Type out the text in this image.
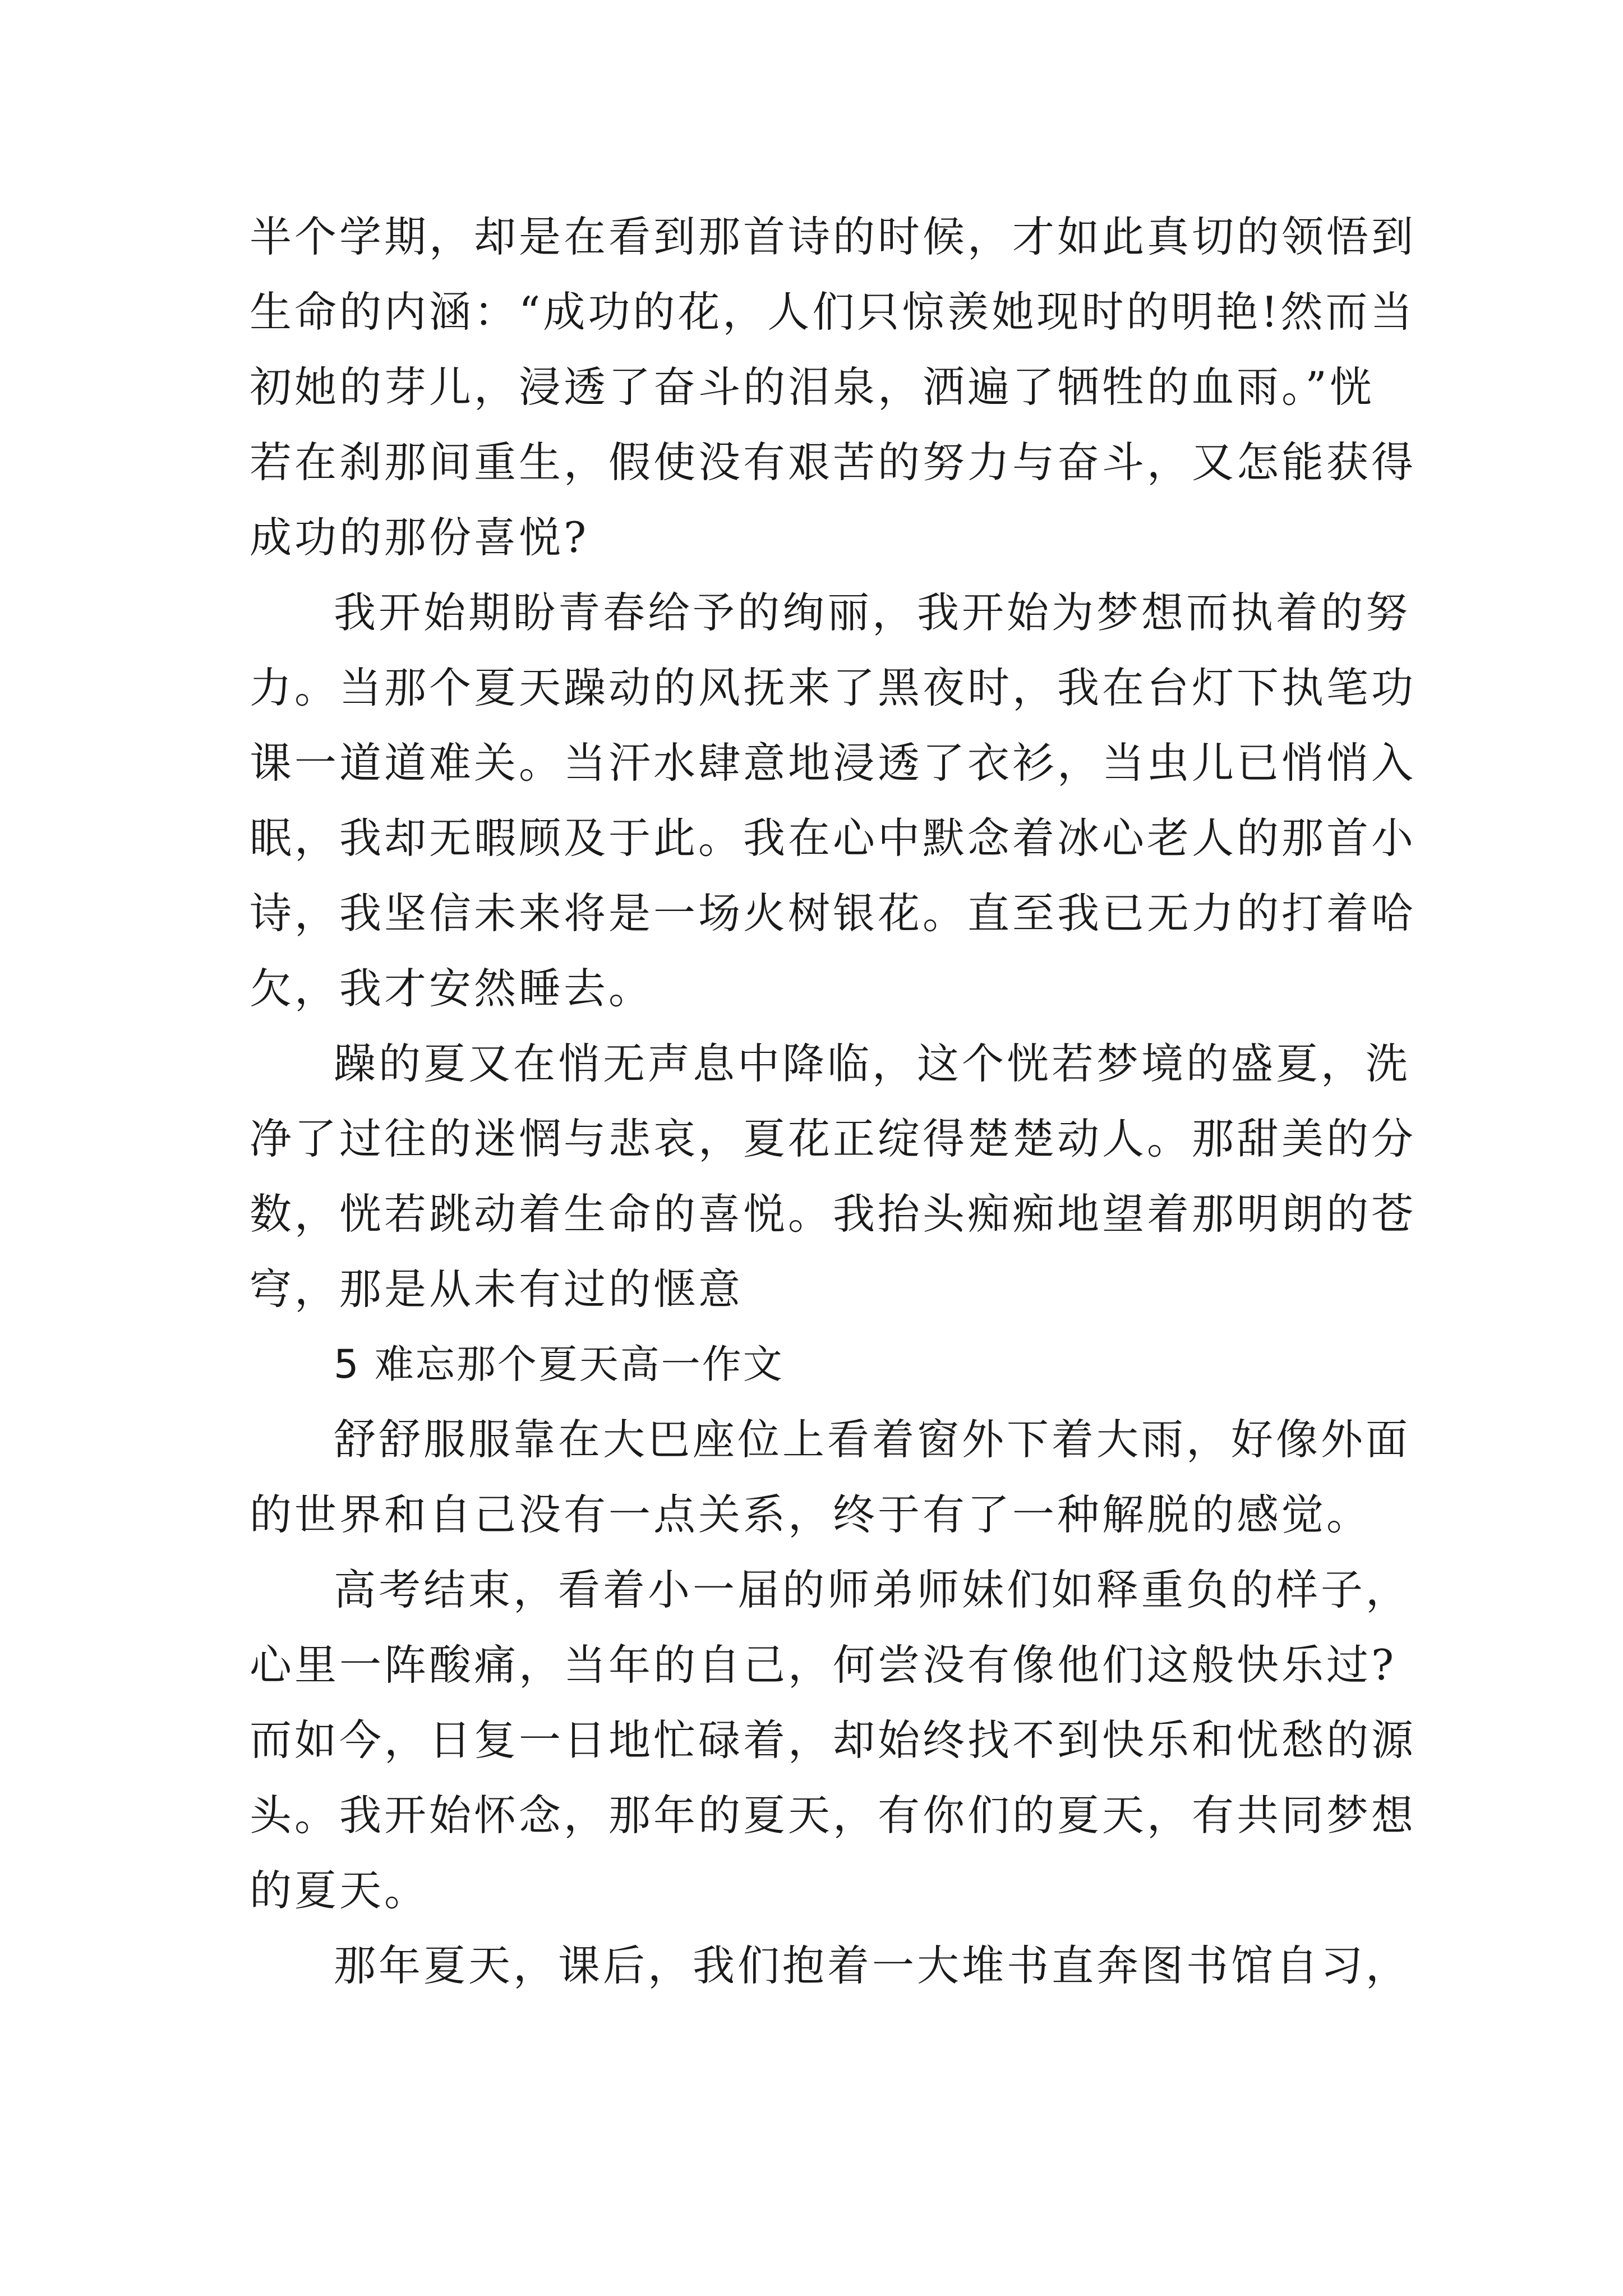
半个学期，却是在看到那首诗的时候，才如此真切的领悟到
生命的内涵：“成功的花，人们只惊羡她现时的明艳!然而当
初她的芽儿，浸透了奋斗的泪泉，洒遍了牺牲的血雨。”恍
若在刹那间重生，假使没有艰苦的努力与奋斗，又怎能获得
成功的那份喜悦?
我开始期盼青春给予的绚丽，我开始为梦想而执着的努
力。当那个夏天躁动的风抚来了黑夜时，我在台灯下执笔功
课一道道难关。当汗水肆意地浸透了衣衫，当虫儿已悄悄入
眠，我却无暇顾及于此。我在心中默念着冰心老人的那首小
诗，我坚信未来将是一场火树银花。直至我已无力的打着哈
欠，我才安然睡去。
躁的夏又在悄无声息中降临，这个恍若梦境的盛夏，洗
净了过往的迷惘与悲哀，夏花正绽得楚楚动人。那甜美的分
数，恍若跳动着生命的喜悦。我抬头痴痴地望着那明朗的苍
穹，那是从未有过的惬意
5 难忘那个夏天高一作文
舒舒服服靠在大巴座位上看着窗外下着大雨，好像外面
的世界和自己没有一点关系，终于有了一种解脱的感觉。
高考结束，看着小一届的师弟师妹们如释重负的样子，
心里一阵酸痛，当年的自己，何尝没有像他们这般快乐过?
而如今，日复一日地忙碌着，却始终找不到快乐和忧愁的源
头。我开始怀念，那年的夏天，有你们的夏天，有共同梦想
的夏天。
那年夏天，课后，我们抱着一大堆书直奔图书馆自习，
